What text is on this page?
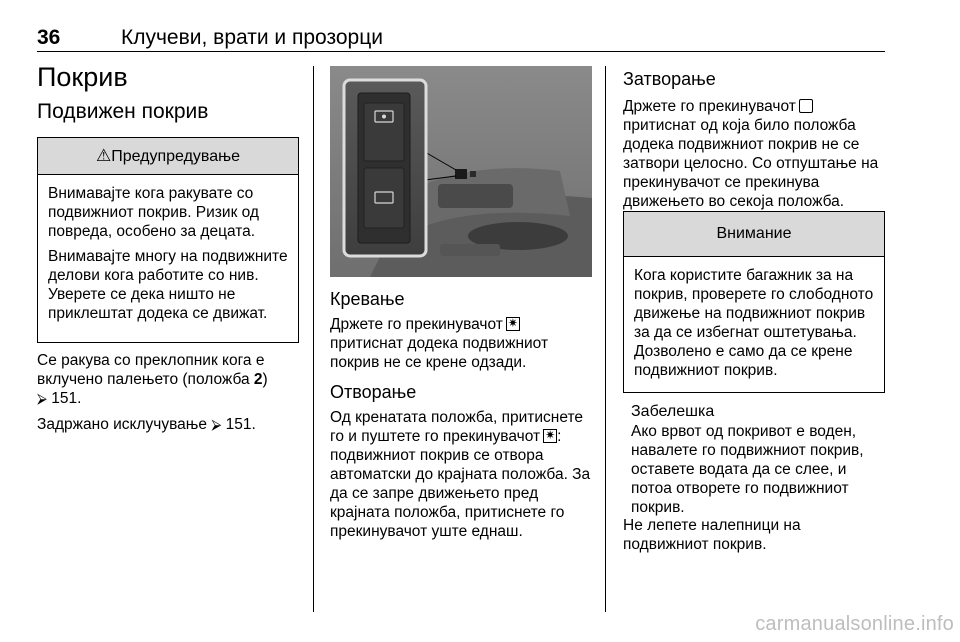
36	Клучеви, врати и прозорци
Покрив
Подвижен покрив
⚠Предупредување

Внимавајте кога ракувате со подвижниот покрив. Ризик од повреда, особено за децата.

Внимавајте многу на подвижните делови кога работите со нив. Уверете се дека ништо не приклештат додека се движат.

Се ракува со преклопник кога е вклучено палењето (положба 2)
⮚ 151.

Задржано исклучување ⮚ 151.

Кревање

Држете го прекинувачот✷
притиснат додека подвижниот покрив не се крене одзади.

Отворање

Од кренатата положба, притиснете го и пуштете го прекинувачот✷ : подвижниот покрив се отвора автоматски до крајната положба. За да се запре движењето пред крајната положба, притиснете го прекинувачот уште еднаш.

Затворање

Држете го прекинувачот
притиснат од која било положба додека подвижниот покрив не се затвори целосно. Со отпуштање на прекинувачот се прекинува движењето во секоја положба.

Внимание

Кога користите багажник за на покрив, проверете го слободното движење на подвижниот покрив за да се избегнат оштетувања. Дозволено е само да се крене подвижниот покрив.

Забелешка

Ако врвот од покривот е воден, навалете го подвижниот покрив, оставете водата да се слее, и потоа отворете го подвижниот покрив.

Не лепете налепници на подвижниот покрив.

carmanualsonline.info
